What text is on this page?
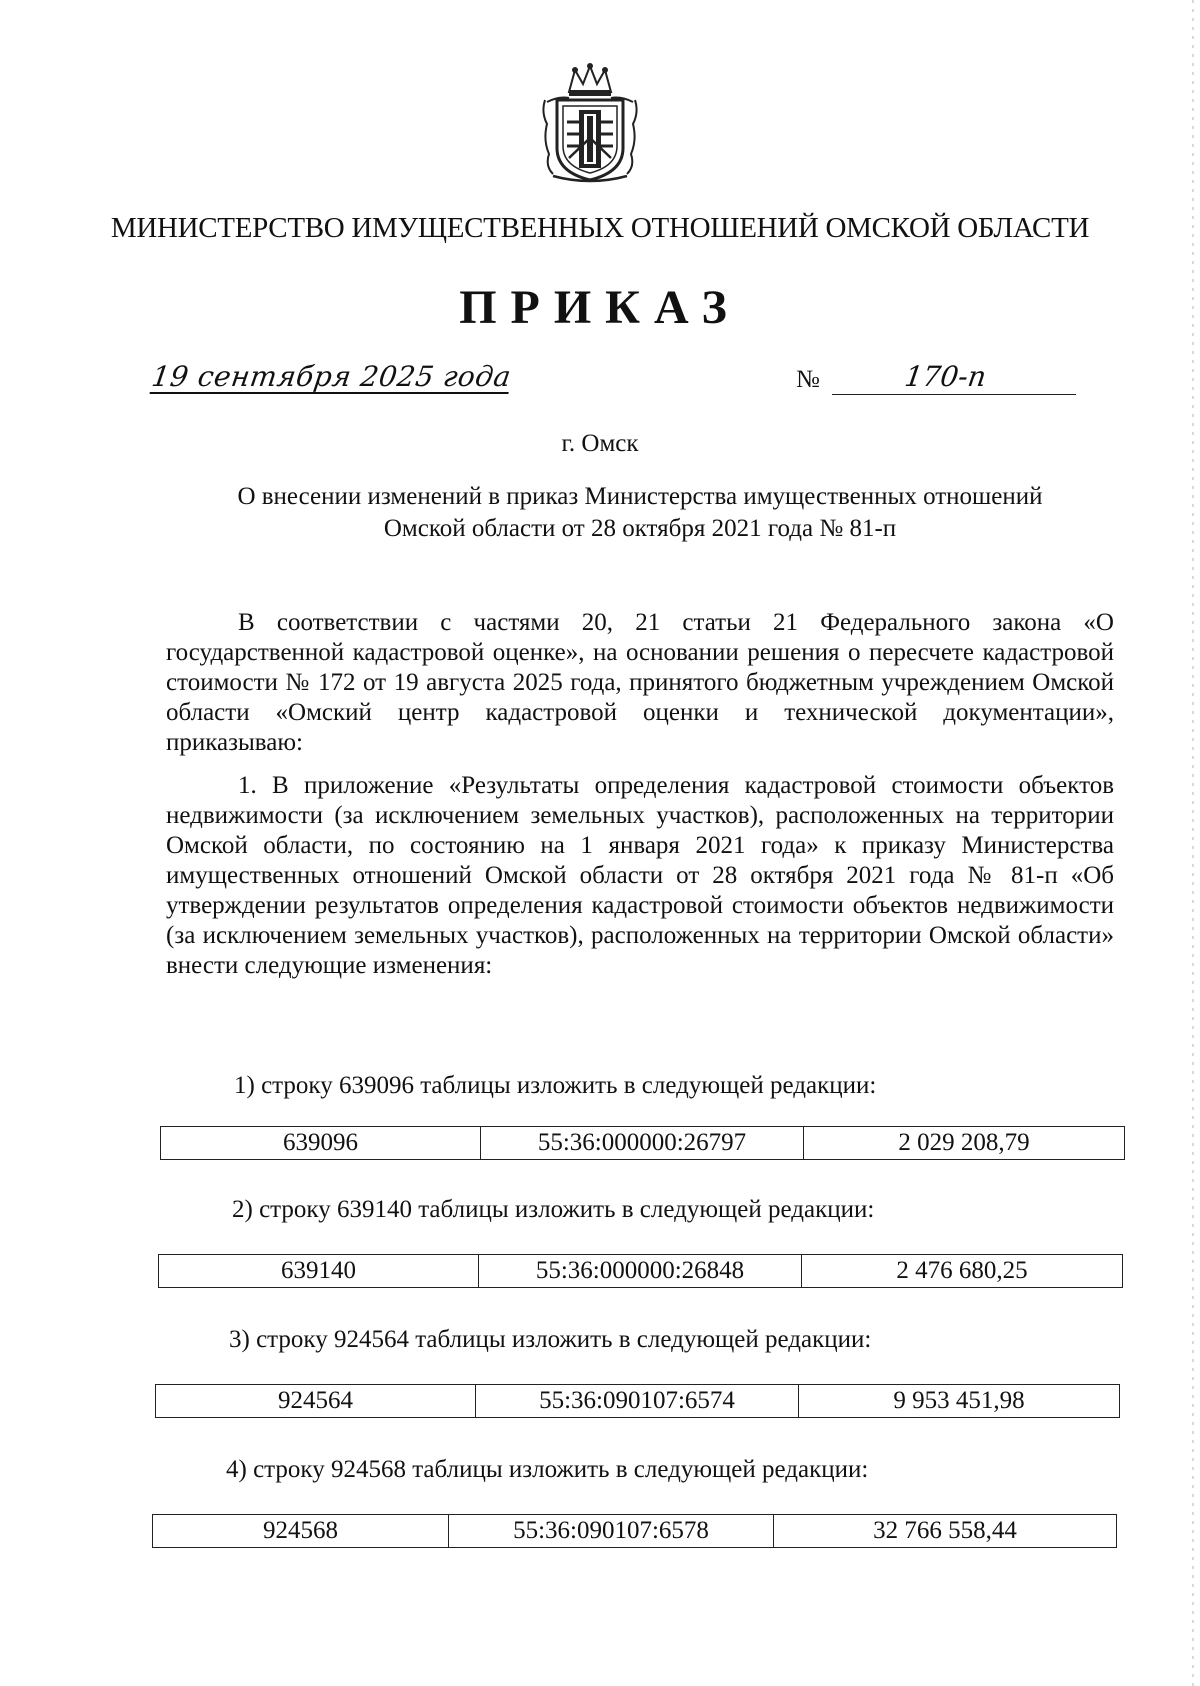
МИНИСТЕРСТВО ИМУЩЕСТВЕННЫХ ОТНОШЕНИЙ ОМСКОЙ ОБЛАСТИ
ПРИКАЗ
19 сентября 2025 года	№	170-п
г. Омск
О внесении изменений в приказ Министерства имущественных отношений
Омской области от 28 октября 2021 года № 81-п
В соответствии с частями 20, 21 статьи 21 Федерального закона «О государственной кадастровой оценке», на основании решения о пересчете кадастровой стоимости № 172 от 19 августа 2025 года, принятого бюджетным учреждением Омской области «Омский центр кадастровой оценки и технической документации», приказываю:
1. В приложение «Результаты определения кадастровой стоимости объектов недвижимости (за исключением земельных участков), расположенных на территории Омской области, по состоянию на 1 января 2021 года» к приказу Министерства имущественных отношений Омской области от 28 октября 2021 года № 81-п «Об утверждении результатов определения кадастровой стоимости объектов недвижимости (за исключением земельных участков), расположенных на территории Омской области» внести следующие изменения:
1) строку 639096 таблицы изложить в следующей редакции:
639096	55:36:000000:26797	2 029 208,79
2) строку 639140 таблицы изложить в следующей редакции:
639140	55:36:000000:26848	2 476 680,25
3) строку 924564 таблицы изложить в следующей редакции:
924564	55:36:090107:6574	9 953 451,98
4) строку 924568 таблицы изложить в следующей редакции:
924568	55:36:090107:6578	32 766 558,44
